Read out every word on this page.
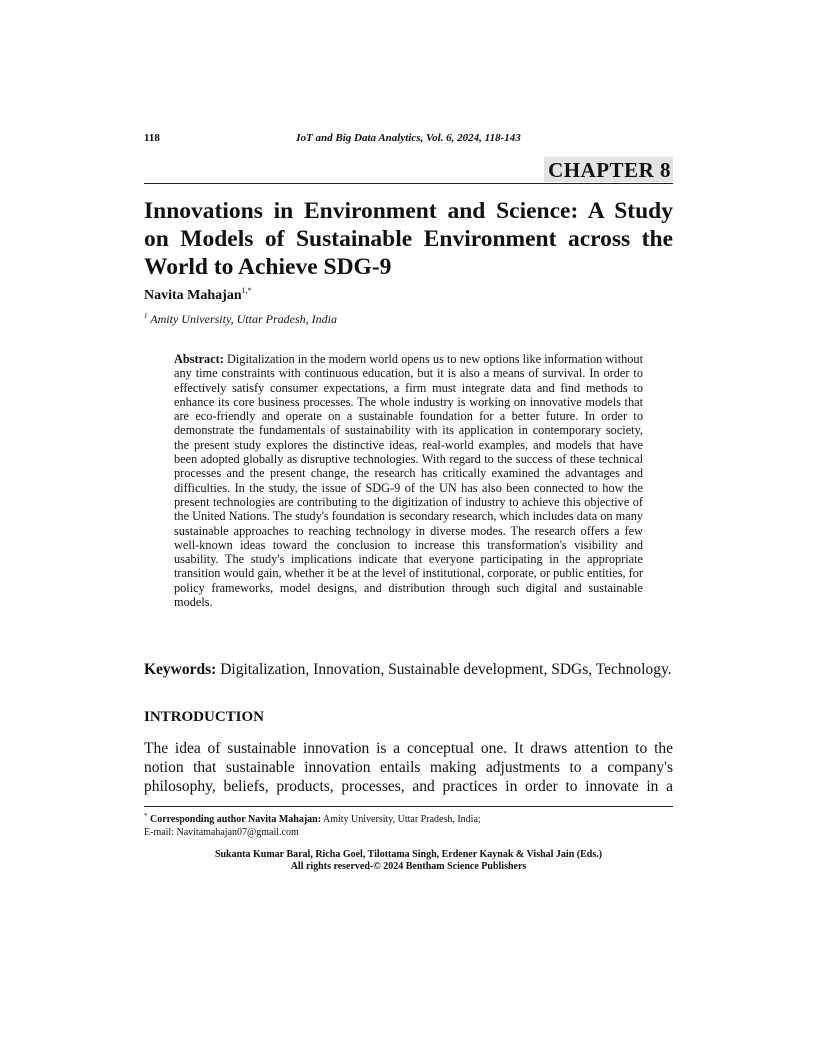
118	IoT and Big Data Analytics, Vol. 6, 2024, 118-143
CHAPTER 8
Innovations in Environment and Science: A Study on Models of Sustainable Environment across the World to Achieve SDG-9
Navita Mahajan$^{1,*}$
$^1$ Amity University, Uttar Pradesh, India

Abstract: Digitalization in the modern world opens us to new options like information without any time constraints with continuous education, but it is also a means of survival. In order to effectively satisfy consumer expectations, a firm must integrate data and find methods to enhance its core business processes. The whole industry is working on innovative models that are eco-friendly and operate on a sustainable foundation for a better future. In order to demonstrate the fundamentals of sustainability with its application in contemporary society, the present study explores the distinctive ideas, real-world examples, and models that have been adopted globally as disruptive technologies. With regard to the success of these technical processes and the present change, the research has critically examined the advantages and difficulties. In the study, the issue of SDG-9 of the UN has also been connected to how the present technologies are contributing to the digitization of industry to achieve this objective of the United Nations. The study's foundation is secondary research, which includes data on many sustainable approaches to reaching technology in diverse modes. The research offers a few well-known ideas toward the conclusion to increase this transformation's visibility and usability. The study's implications indicate that everyone participating in the appropriate transition would gain, whether it be at the level of institutional, corporate, or public entities, for policy frameworks, model designs, and distribution through such digital and sustainable models.

Keywords: Digitalization, Innovation, Sustainable development, SDGs, Technology.

INTRODUCTION

The idea of sustainable innovation is a conceptual one. It draws attention to the notion that sustainable innovation entails making adjustments to a company's philosophy, beliefs, products, processes, and practices in order to innovate in a

* Corresponding author Navita Mahajan: Amity University, Uttar Pradesh, India;
E-mail: Navitamahajan07@gmail.com
Sukanta Kumar Baral, Richa Goel, Tilottama Singh, Erdener Kaynak & Vishal Jain (Eds.)
All rights reserved-© 2024 Bentham Science Publishers
